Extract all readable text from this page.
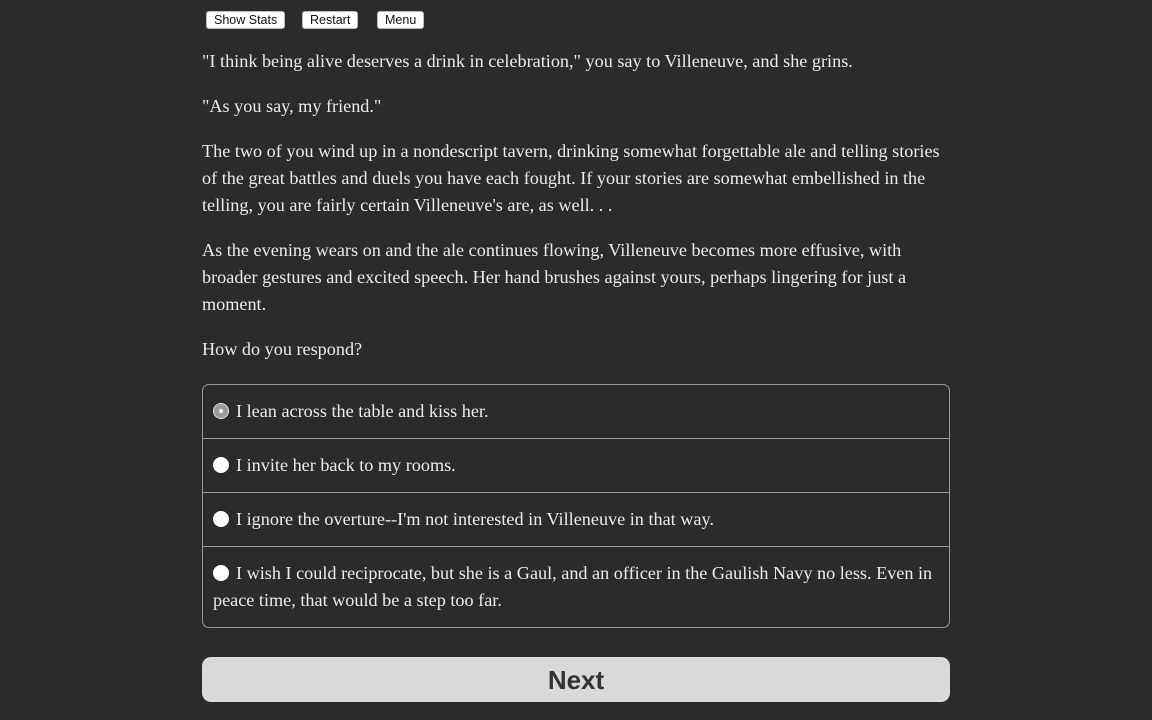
Show Stats	Restart	Menu

"I think being alive deserves a drink in celebration," you say to Villeneuve, and she grins.

"As you say, my friend."

The two of you wind up in a nondescript tavern, drinking somewhat forgettable ale and telling stories of the great battles and duels you have each fought. If your stories are somewhat embellished in the telling, you are fairly certain Villeneuve's are, as well. . .

As the evening wears on and the ale continues flowing, Villeneuve becomes more effusive, with broader gestures and excited speech. Her hand brushes against yours, perhaps lingering for just a moment.

How do you respond?

I lean across the table and kiss her.
I invite her back to my rooms.
I ignore the overture--I'm not interested in Villeneuve in that way.
I wish I could reciprocate, but she is a Gaul, and an officer in the Gaulish Navy no less. Even in peace time, that would be a step too far.
Next
